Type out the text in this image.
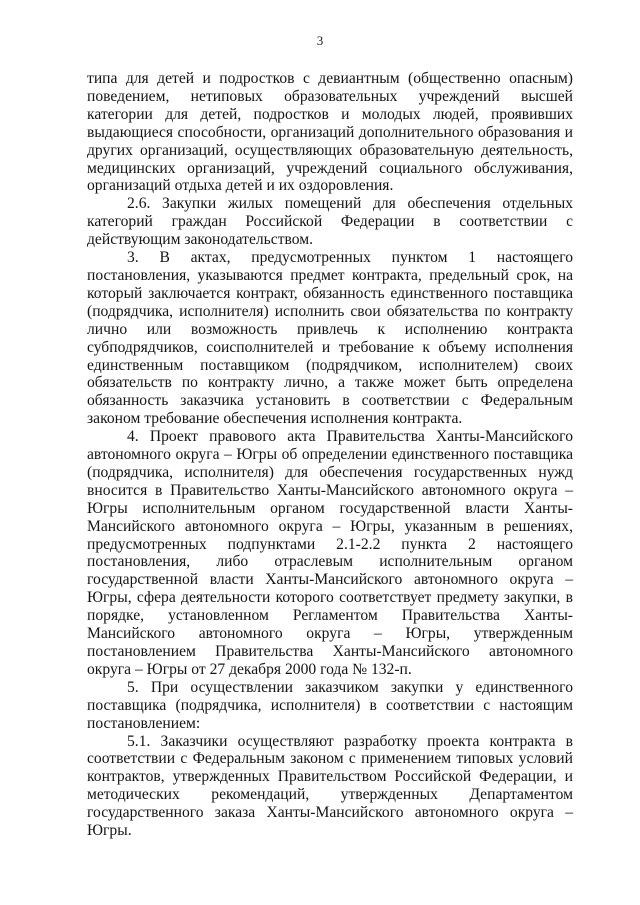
3

типа для детей и подростков с девиантным (общественно опасным) поведением, нетиповых образовательных учреждений высшей категории для детей, подростков и молодых людей, проявивших выдающиеся способности, организаций дополнительного образования и других организаций, осуществляющих образовательную деятельность, медицинских организаций, учреждений социального обслуживания, организаций отдыха детей и их оздоровления.

2.6. Закупки жилых помещений для обеспечения отдельных категорий граждан Российской Федерации в соответствии с действующим законодательством.

3. В актах, предусмотренных пунктом 1 настоящего постановления, указываются предмет контракта, предельный срок, на который заключается контракт, обязанность единственного поставщика (подрядчика, исполнителя) исполнить свои обязательства по контракту лично или возможность привлечь к исполнению контракта субподрядчиков, соисполнителей и требование к объему исполнения единственным поставщиком (подрядчиком, исполнителем) своих обязательств по контракту лично, а также может быть определена обязанность заказчика установить в соответствии с Федеральным законом требование обеспечения исполнения контракта.

4. Проект правового акта Правительства Ханты-Мансийского автономного округа – Югры об определении единственного поставщика (подрядчика, исполнителя) для обеспечения государственных нужд вносится в Правительство Ханты-Мансийского автономного округа – Югры исполнительным органом государственной власти Ханты-Мансийского автономного округа – Югры, указанным в решениях, предусмотренных подпунктами 2.1-2.2 пункта 2 настоящего постановления, либо отраслевым исполнительным органом государственной власти Ханты-Мансийского автономного округа – Югры, сфера деятельности которого соответствует предмету закупки, в порядке, установленном Регламентом Правительства Ханты-Мансийского автономного округа – Югры, утвержденным постановлением Правительства Ханты-Мансийского автономного округа – Югры от 27 декабря 2000 года № 132-п.

5. При осуществлении заказчиком закупки у единственного поставщика (подрядчика, исполнителя) в соответствии с настоящим постановлением:

5.1. Заказчики осуществляют разработку проекта контракта в соответствии с Федеральным законом с применением типовых условий контрактов, утвержденных Правительством Российской Федерации, и методических рекомендаций, утвержденных Департаментом государственного заказа Ханты-Мансийского автономного округа – Югры.
